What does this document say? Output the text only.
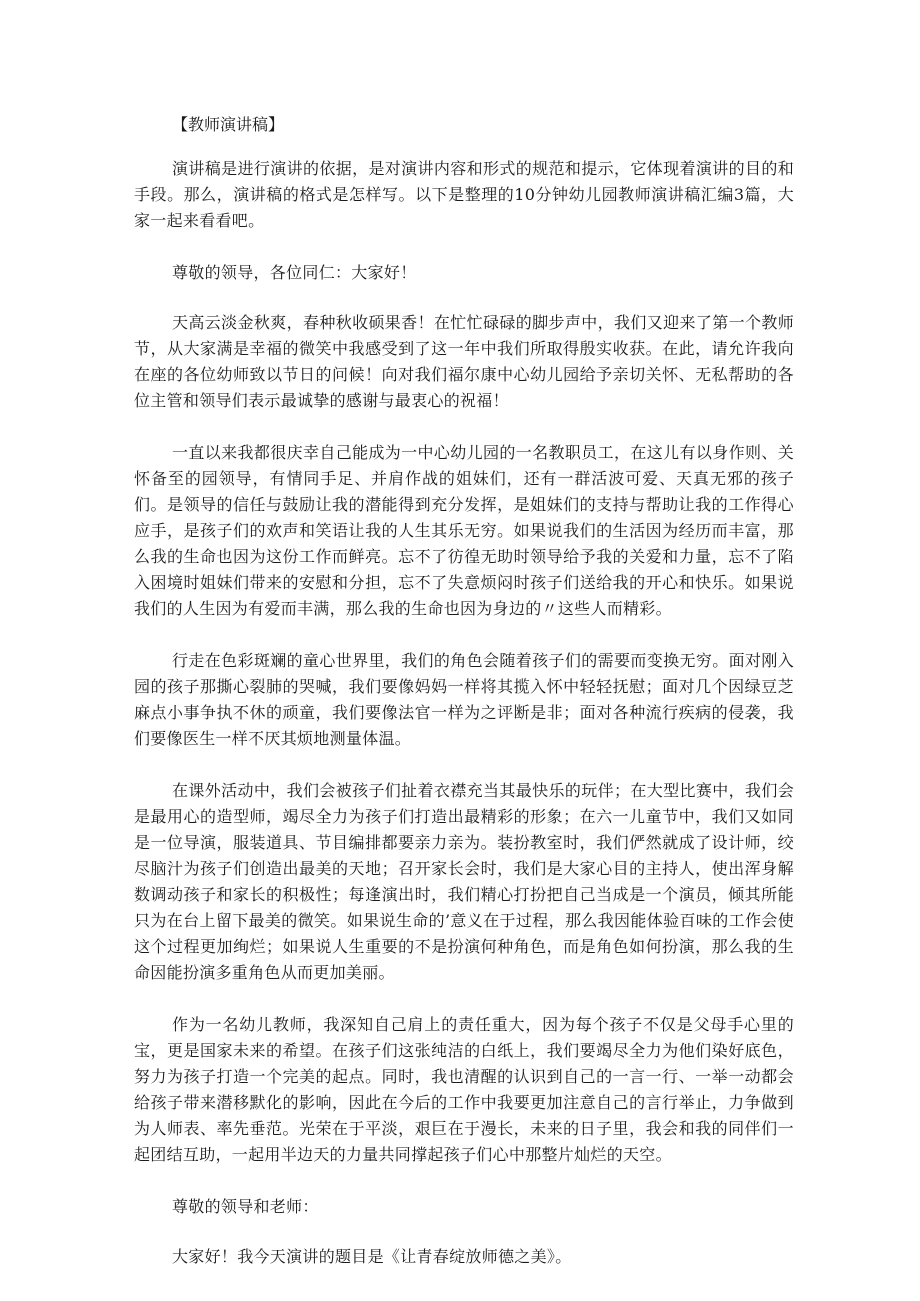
【教师演讲稿】

演讲稿是进行演讲的依据，是对演讲内容和形式的规范和提示，它体现着演讲的目的和手段。那么，演讲稿的格式是怎样写。以下是整理的10分钟幼儿园教师演讲稿汇编3篇，大家一起来看看吧。

尊敬的领导，各位同仁：大家好！

天高云淡金秋爽，春种秋收硕果香！在忙忙碌碌的脚步声中，我们又迎来了第一个教师节，从大家满是幸福的微笑中我感受到了这一年中我们所取得殷实收获。在此，请允许我向在座的各位幼师致以节日的问候！向对我们福尔康中心幼儿园给予亲切关怀、无私帮助的各位主管和领导们表示最诚挚的感谢与最衷心的祝福！

一直以来我都很庆幸自己能成为一中心幼儿园的一名教职员工，在这儿有以身作则、关怀备至的园领导，有情同手足、并肩作战的姐妹们，还有一群活波可爱、天真无邪的孩子们。是领导的信任与鼓励让我的潜能得到充分发挥，是姐妹们的支持与帮助让我的工作得心应手，是孩子们的欢声和笑语让我的人生其乐无穷。如果说我们的生活因为经历而丰富，那么我的生命也因为这份工作而鲜亮。忘不了彷徨无助时领导给予我的关爱和力量，忘不了陷入困境时姐妹们带来的安慰和分担，忘不了失意烦闷时孩子们送给我的开心和快乐。如果说我们的人生因为有爱而丰满，那么我的生命也因为身边的〃这些人而精彩。

行走在色彩斑斓的童心世界里，我们的角色会随着孩子们的需要而变换无穷。面对刚入园的孩子那撕心裂肺的哭喊，我们要像妈妈一样将其揽入怀中轻轻抚慰；面对几个因绿豆芝麻点小事争执不休的顽童，我们要像法官一样为之评断是非；面对各种流行疾病的侵袭，我们要像医生一样不厌其烦地测量体温。

在课外活动中，我们会被孩子们扯着衣襟充当其最快乐的玩伴；在大型比赛中，我们会是最用心的造型师，竭尽全力为孩子们打造出最精彩的形象；在六一儿童节中，我们又如同是一位导演，服装道具、节目编排都要亲力亲为。装扮教室时，我们俨然就成了设计师，绞尽脑汁为孩子们创造出最美的天地；召开家长会时，我们是大家心目的主持人，使出浑身解数调动孩子和家长的积极性；每逢演出时，我们精心打扮把自己当成是一个演员，倾其所能只为在台上留下最美的微笑。如果说生命的’意义在于过程，那么我因能体验百味的工作会使这个过程更加绚烂；如果说人生重要的不是扮演何种角色，而是角色如何扮演，那么我的生命因能扮演多重角色从而更加美丽。

作为一名幼儿教师，我深知自己肩上的责任重大，因为每个孩子不仅是父母手心里的宝，更是国家未来的希望。在孩子们这张纯洁的白纸上，我们要竭尽全力为他们染好底色，努力为孩子打造一个完美的起点。同时，我也清醒的认识到自己的一言一行、一举一动都会给孩子带来潜移默化的影响，因此在今后的工作中我要更加注意自己的言行举止，力争做到为人师表、率先垂范。光荣在于平淡，艰巨在于漫长，未来的日子里，我会和我的同伴们一起团结互助，一起用半边天的力量共同撑起孩子们心中那整片灿烂的天空。

尊敬的领导和老师：

大家好！我今天演讲的题目是《让青春绽放师德之美》。
